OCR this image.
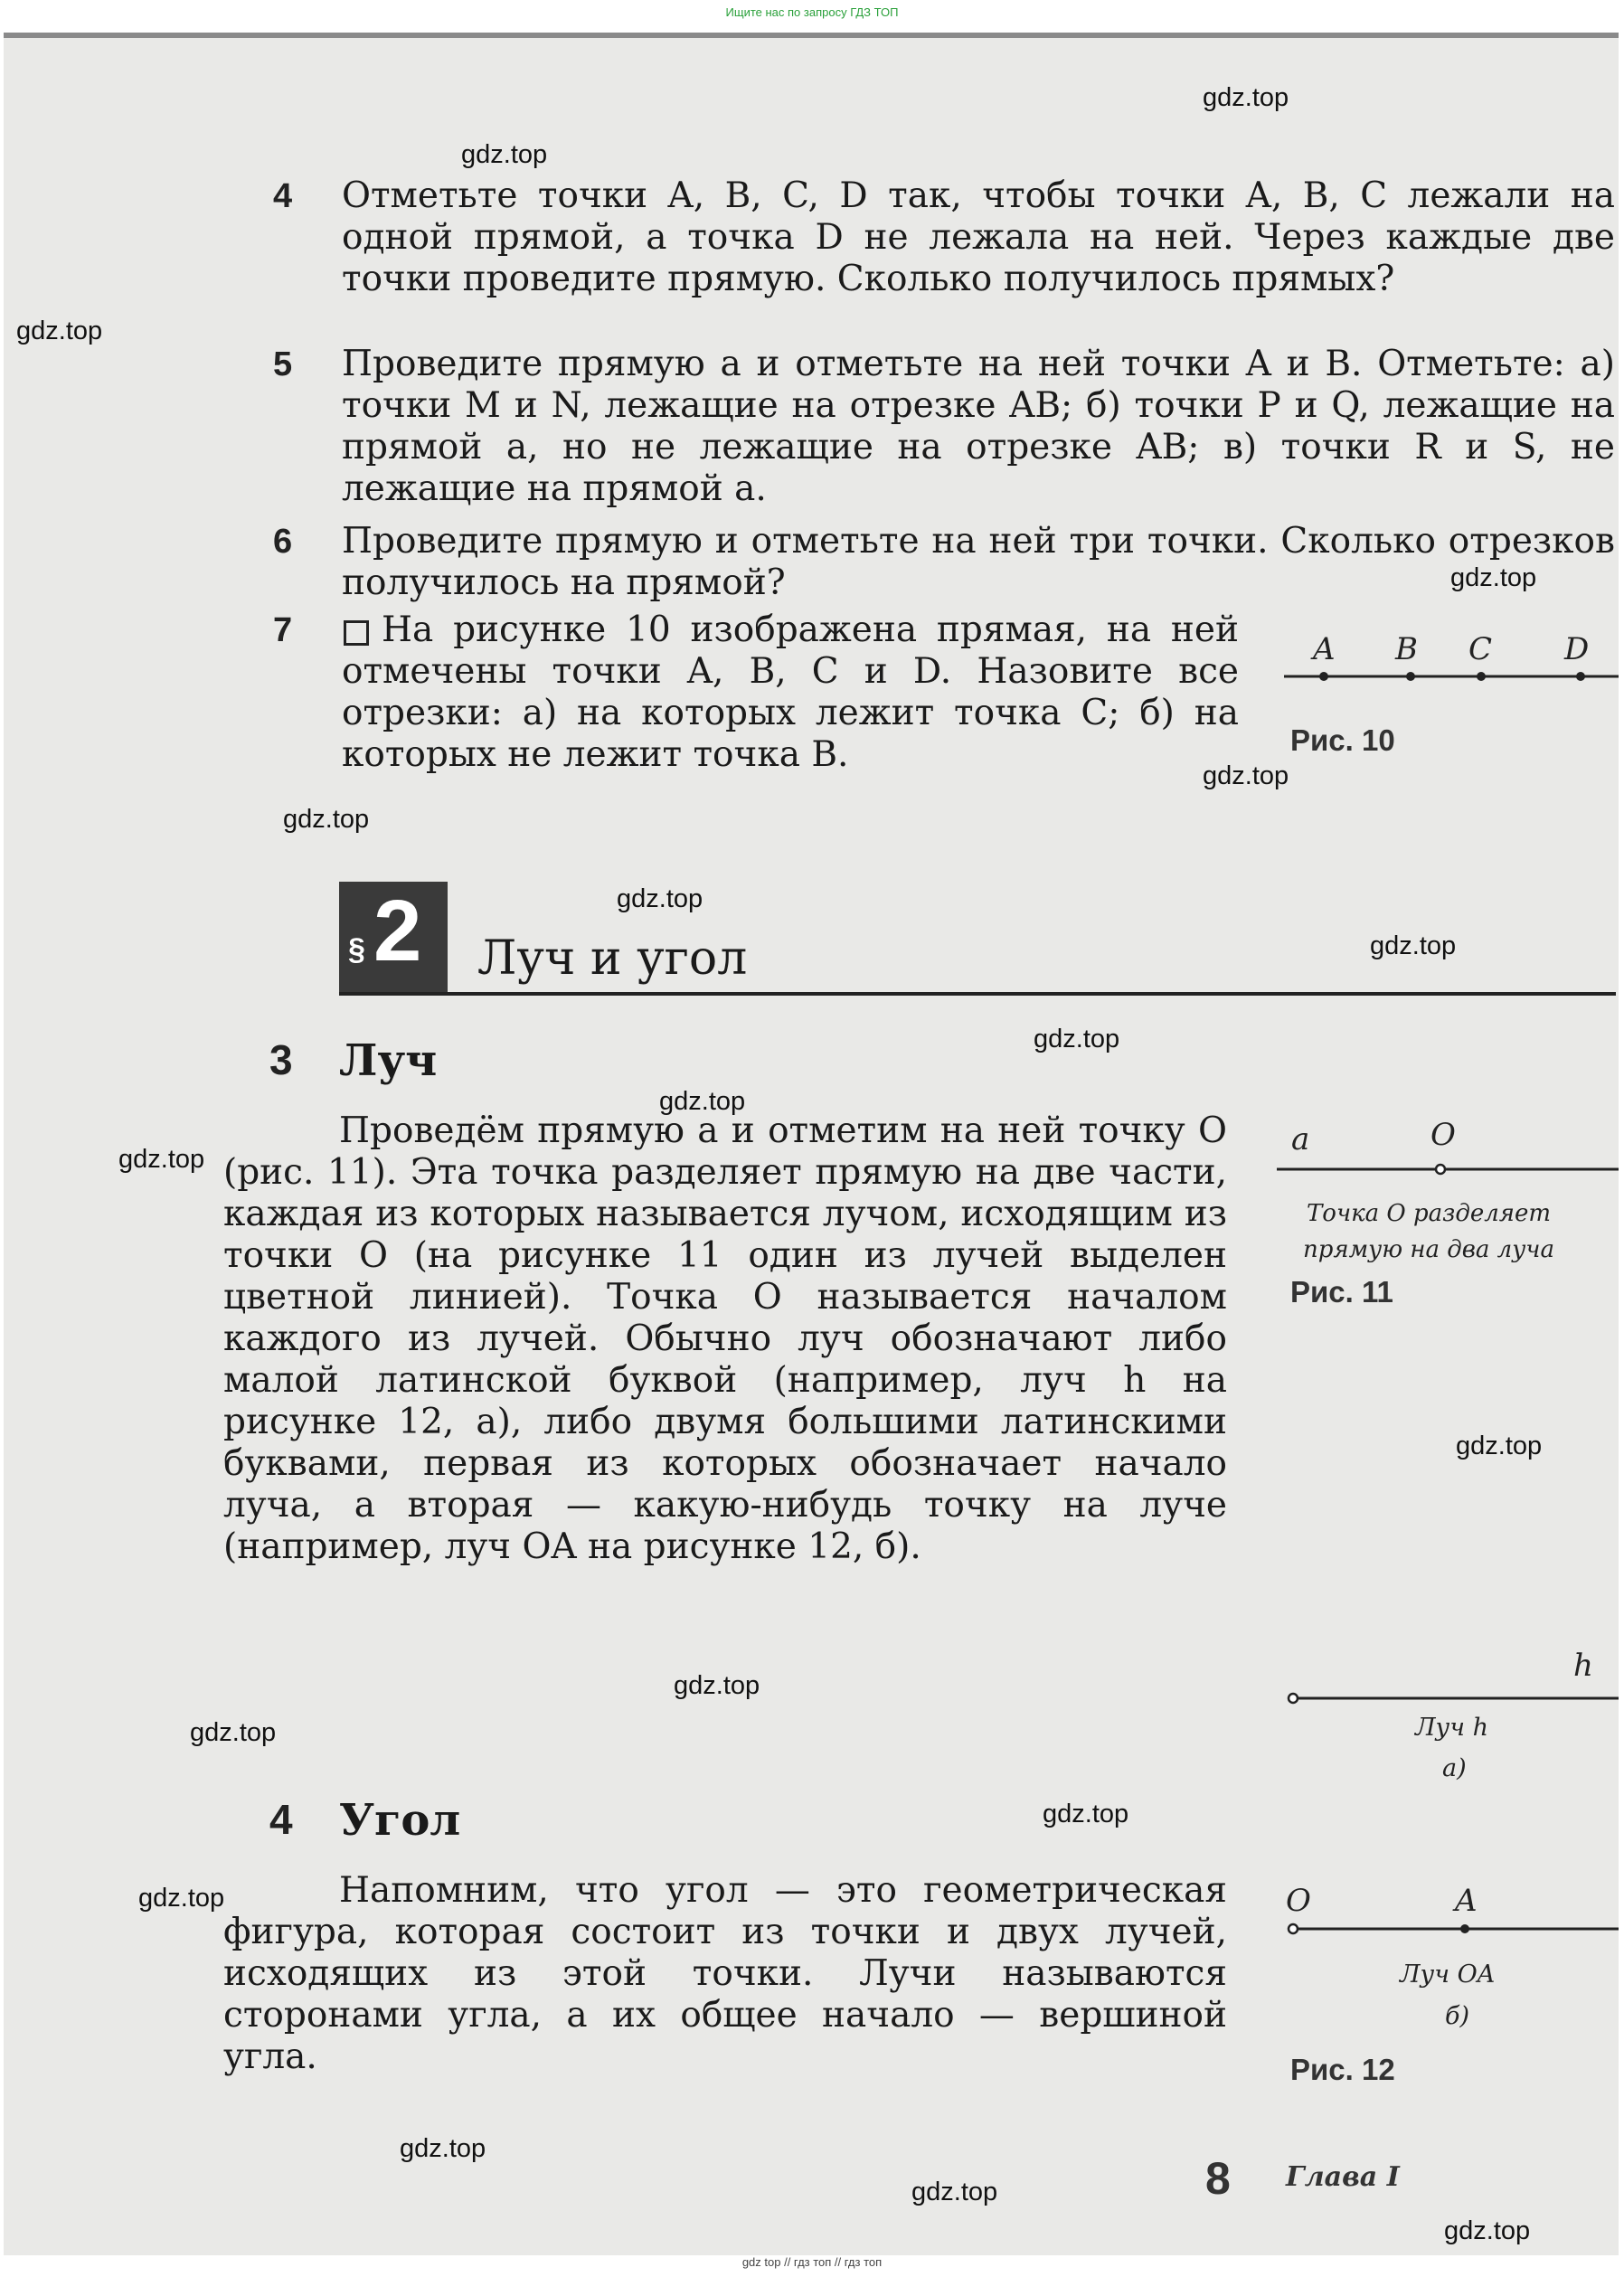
Ищите нас по запросу ГДЗ ТОП
gdz.top
gdz.top
gdz.top
gdz.top
gdz.top
gdz.top
gdz.top
gdz.top
gdz.top
gdz.top
gdz.top
gdz.top
gdz.top
gdz.top
gdz.top
gdz.top
gdz.top
gdz.top
gdz.top
4 Отметьте точки A, B, C, D так, чтобы точки A, B, C лежали на одной прямой, а точка D не лежала на ней. Через каждые две точки проведите прямую. Сколько получилось прямых?

5 Проведите прямую a и отметьте на ней точки A и B. Отметьте: а) точки M и N, лежащие на отрезке AB; б) точки P и Q, лежащие на прямой a, но не лежащие на отрезке AB; в) точки R и S, не лежащие на прямой a.

6 Проведите прямую и отметьте на ней три точки. Сколько отрезков получилось на прямой?

7	На рисунке 10 изображена прямая, на ней отмечены точки A, B, C и D. Назовите все отрезки: а) на которых лежит точка C; б) на которых не лежит точка B.

A B C D
Рис. 10
§ 2 Луч и угол
3 Луч

Проведём прямую a и отметим на ней точку O (рис. 11). Эта точка разделяет прямую на две части, каждая из которых называется лучом, исходящим из точки O (на рисунке 11 один из лучей выделен цветной линией). Точка O называется началом каждого из лучей. Обычно луч обозначают либо малой латинской буквой (например, луч h на рисунке 12, а), либо двумя большими латинскими буквами, первая из которых обозначает начало луча, а вторая — какую-нибудь точку на луче (например, луч OA на рисунке 12, б).

a	O
Точка O разделяет
прямую на два луча
Рис. 11
h
Луч h
а)
O	A
Луч OA
б)
Рис. 12
4 Угол

Напомним, что угол — это геометрическая фигура, которая состоит из точки и двух лучей, исходящих из этой точки. Лучи называются сторонами угла, а их общее начало — вершиной угла.

8 Глава I
gdz top // гдз топ // гдз топ
